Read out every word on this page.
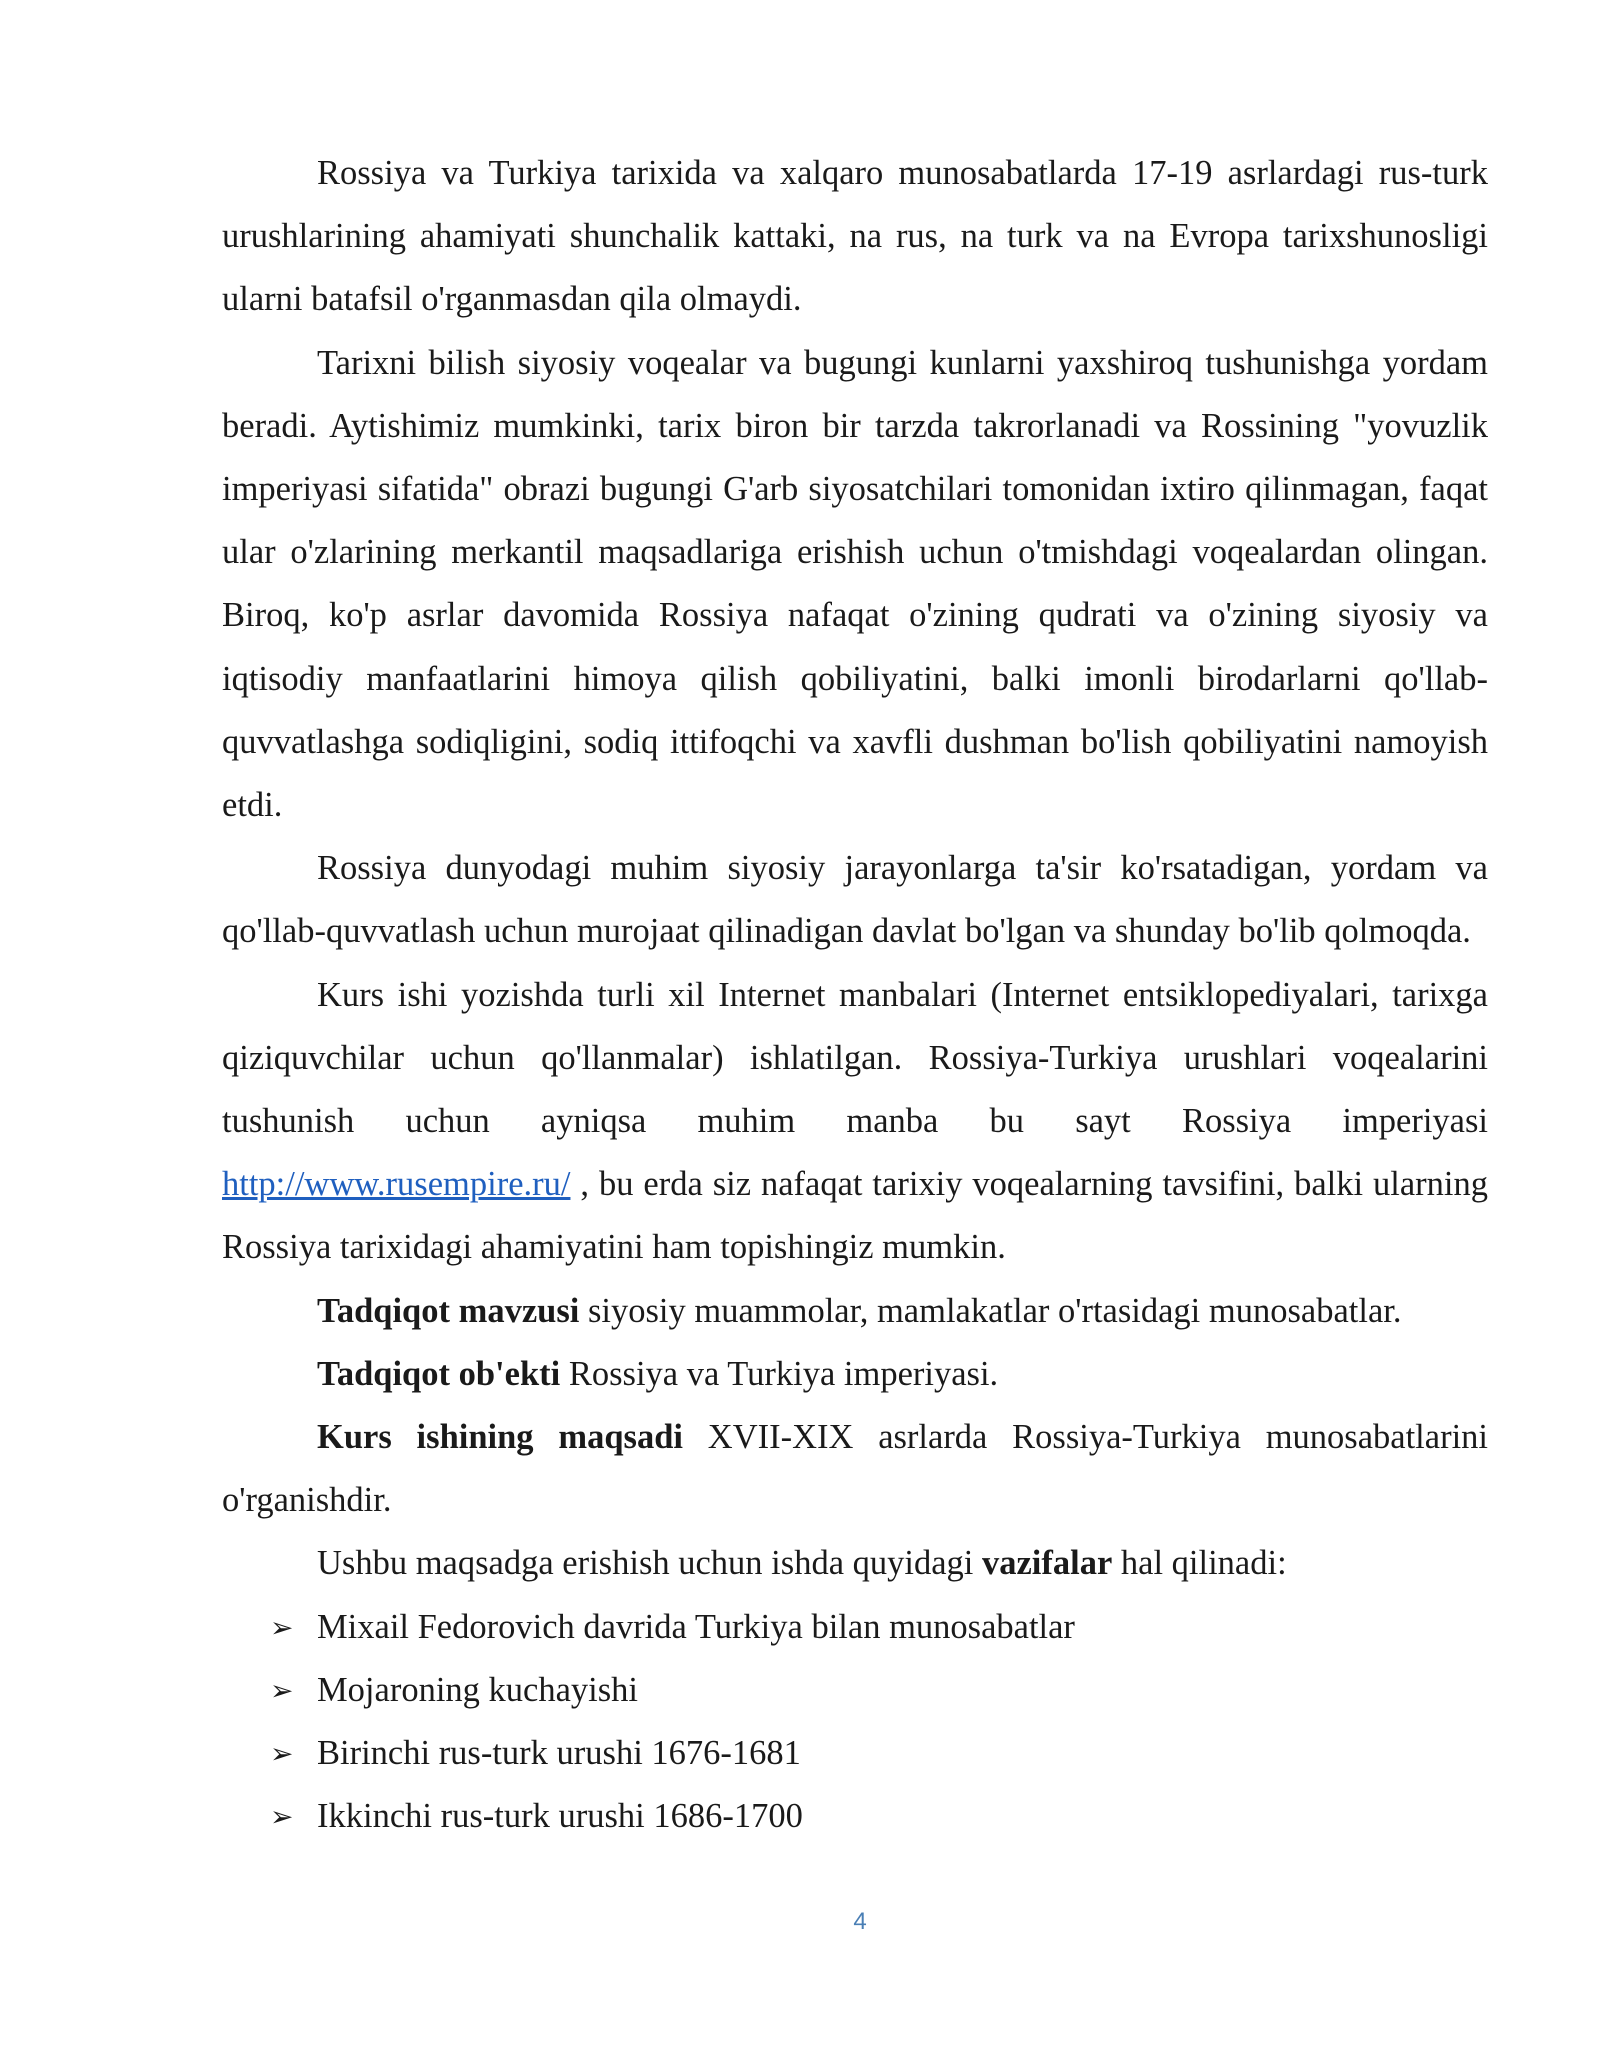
Rossiya va Turkiya tarixida va xalqaro munosabatlarda 17-19 asrlardagi rus-turk urushlarining ahamiyati shunchalik kattaki, na rus, na turk va na Evropa tarixshunosligi ularni batafsil o'rganmasdan qila olmaydi.

Tarixni bilish siyosiy voqealar va bugungi kunlarni yaxshiroq tushunishga yordam beradi. Aytishimiz mumkinki, tarix biron bir tarzda takrorlanadi va Rossining "yovuzlik imperiyasi sifatida" obrazi bugungi G'arb siyosatchilari tomonidan ixtiro qilinmagan, faqat ular o'zlarining merkantil maqsadlariga erishish uchun o'tmishdagi voqealardan olingan. Biroq, ko'p asrlar davomida Rossiya nafaqat o'zining qudrati va o'zining siyosiy va iqtisodiy manfaatlarini himoya qilish qobiliyatini, balki imonli birodarlarni qo'llab-quvvatlashga sodiqligini, sodiq ittifoqchi va xavfli dushman bo'lish qobiliyatini namoyish etdi.

Rossiya dunyodagi muhim siyosiy jarayonlarga ta'sir ko'rsatadigan, yordam va qo'llab-quvvatlash uchun murojaat qilinadigan davlat bo'lgan va shunday bo'lib qolmoqda.

Kurs ishi yozishda turli xil Internet manbalari (Internet entsiklopediyalari, tarixga qiziquvchilar uchun qo'llanmalar) ishlatilgan. Rossiya-Turkiya urushlari voqealarini tushunish uchun ayniqsa muhim manba bu sayt Rossiya imperiyasi http://www.rusempire.ru/ , bu erda siz nafaqat tarixiy voqealarning tavsifini, balki ularning Rossiya tarixidagi ahamiyatini ham topishingiz mumkin.

Tadqiqot mavzusi siyosiy muammolar, mamlakatlar o'rtasidagi munosabatlar.

Tadqiqot ob'ekti Rossiya va Turkiya imperiyasi.

Kurs ishining maqsadi XVII-XIX asrlarda Rossiya-Turkiya munosabatlarini o'rganishdir.

Ushbu maqsadga erishish uchun ishda quyidagi vazifalar hal qilinadi:

➢ Mixail Fedorovich davrida Turkiya bilan munosabatlar
➢ Mojaroning kuchayishi
➢ Birinchi rus-turk urushi 1676-1681
➢ Ikkinchi rus-turk urushi 1686-1700
4
